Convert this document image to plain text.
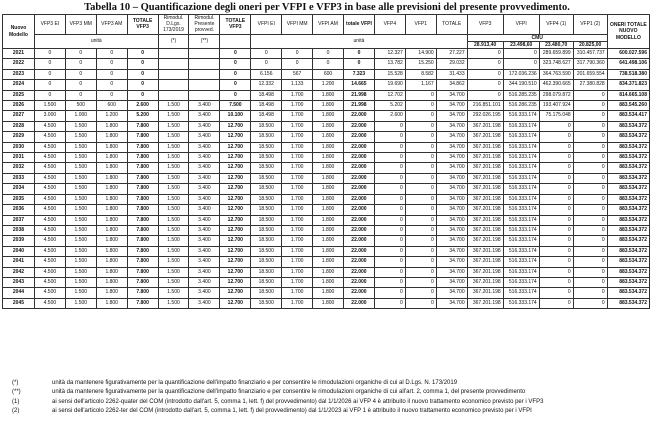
Tabella 10 – Quantificazione degli oneri per VFPI e VFP3 in base alle previsioni del presente provvedimento.
Nuovo Modello	VFP3 EI	VFP3 MM	VFP3 AM	TOTALE VFP3	Rimodul. D.Lgs. 173/2019	Rimodul. Presente provved.	TOTALE VFP3	VFPI EI	VFPI MM	VFPI AM	totale VFPI	VFP4	VFP1	TOTALE	VFP3	VFPI	VFP4 (1)	VFP1 (2)	ONERI TOTALE NUOVO MODELLO
	unità				(*)	(**)		unità							CMU				
															28.913,40	23.498,60	23.480,70	20.825,00	
2021	0	0	0	0			0	0	0	0	0	12.327	14.900	27.227	0	0	289.659.899	310.457.737	600.027.596
2022	0	0	0	0			0	0	0	0	0	13.782	15.250	29.032	0	0	323.748.627	317.790.360	641.498.106
2023	0	0	0	0			0	6.156	567	600	7.323	15.528	8.582	31.433	0	172.036.236	364.763.590	201.659.554	738.518.380
2024	0	0	0	0			0	12.332	1.133	1.200	14.665	19.690	1.167	34.862	0	344.190.510	462.390.665	27.380.828	834.371.823
2025	0	0	0	0			0	18.498	1.700	1.800	21.998	12.702	0	34.700	0	516.285.235	298.079.872	0	814.665.108
2026	1.500	500	600	2.600	1.500	3.400	7.500	18.498	1.700	1.800	21.998	5.202	0	34.700	216.851.101	516.286.235	193.407.924	0	883.545.260
2027	3.000	1.000	1.200	5.200	1.500	3.400	10.100	18.498	1.700	1.800	22.000	2.600	0	34.700	292.026.195	516.333.174	75.175.048	0	883.534.417
2028	4.500	1.500	1.800	7.800	1.500	3.400	12.700	18.500	1.700	1.800	22.000	0	0	34.700	367.201.198	516.333.174	0	0	883.534.372
2029	4.500	1.500	1.800	7.800	1.500	3.400	12.700	18.500	1.700	1.800	22.000	0	0	34.700	367.201.198	516.333.174	0	0	883.534.372
2030	4.500	1.500	1.800	7.800	1.500	3.400	12.700	18.500	1.700	1.800	22.000	0	0	34.700	367.201.198	516.333.174	0	0	883.534.372
2031	4.500	1.500	1.800	7.800	1.500	3.400	12.700	18.500	1.700	1.800	22.000	0	0	34.700	367.201.198	516.333.174	0	0	883.534.372
2032	4.500	1.500	1.800	7.800	1.500	3.400	12.700	18.500	1.700	1.800	22.000	0	0	34.700	367.201.198	516.333.174	0	0	883.534.372
2033	4.500	1.500	1.800	7.800	1.500	3.400	12.700	18.500	1.700	1.800	22.000	0	0	34.700	367.201.198	516.333.174	0	0	883.534.372
2034	4.500	1.500	1.800	7.800	1.500	3.400	12.700	18.500	1.700	1.800	22.000	0	0	34.700	367.201.198	516.333.174	0	0	883.534.372
2035	4.500	1.500	1.800	7.800	1.500	3.400	12.700	18.500	1.700	1.800	22.000	0	0	34.700	367.201.198	516.333.174	0	0	883.534.372
2036	4.500	1.500	1.800	7.800	1.500	3.400	12.700	18.500	1.700	1.800	22.000	0	0	34.700	367.201.198	516.333.174	0	0	883.534.372
2037	4.500	1.500	1.800	7.800	1.500	3.400	12.700	18.500	1.700	1.800	22.000	0	0	34.700	367.201.198	516.333.174	0	0	883.534.372
2038	4.500	1.500	1.800	7.800	1.500	3.400	12.700	18.500	1.700	1.800	22.000	0	0	34.700	367.201.198	516.333.174	0	0	883.534.372
2039	4.500	1.500	1.800	7.800	1.500	3.400	12.700	18.500	1.700	1.800	22.000	0	0	34.700	367.201.198	516.333.174	0	0	883.534.372
2040	4.500	1.500	1.800	7.800	1.500	3.400	12.700	18.500	1.700	1.800	22.000	0	0	34.700	367.201.198	516.333.174	0	0	883.534.372
2041	4.500	1.500	1.800	7.800	1.500	3.400	12.700	18.500	1.700	1.800	22.000	0	0	34.700	367.201.198	516.333.174	0	0	883.534.372
2042	4.500	1.500	1.800	7.800	1.500	3.400	12.700	18.500	1.700	1.800	22.000	0	0	34.700	367.201.198	516.333.174	0	0	883.534.372
2043	4.500	1.500	1.800	7.800	1.500	3.400	12.700	18.500	1.700	1.800	22.000	0	0	34.700	367.201.198	516.333.174	0	0	883.534.372
2044	4.500	1.500	1.800	7.800	1.500	3.400	12.700	18.500	1.700	1.800	22.000	0	0	34.700	367.201.198	516.333.174	0	0	883.534.372
2045	4.500	1.500	1.800	7.800	1.500	3.400	12.700	18.500	1.700	1.800	22.000	0	0	34.700	367.201.198	516.333.174	0	0	883.534.372
(*)	unità da mantenere figurativamente per la quantificazione dell'impatto finanziario e per consentire le rimodulazioni organiche di cui al D.Lgs. N. 173/2019
(**)	unità da mantenere figurativamente per la quantificazione dell'impatto finanziario e per consentire le rimodulazioni organiche di cui all'art. 2, comma 1, del presente provvedimento
(1)	ai sensi dell'articolo 2262-quater del COM (introdotto dall'art. 5, comma 1, lett. f) del provvedimento) dal 1/1/2026 ai VFP 4 è attribuito il nuovo trattamento economico previsto per i VFP3
(2)	ai sensi dell'articolo 2262-ter del COM (introdotto dall'art. 5, comma 1, lett. f) del provvedimento) dal 1/1/2023 ai VFP 1 è attribuito il nuovo trattamento economico previsto per i VFPI
